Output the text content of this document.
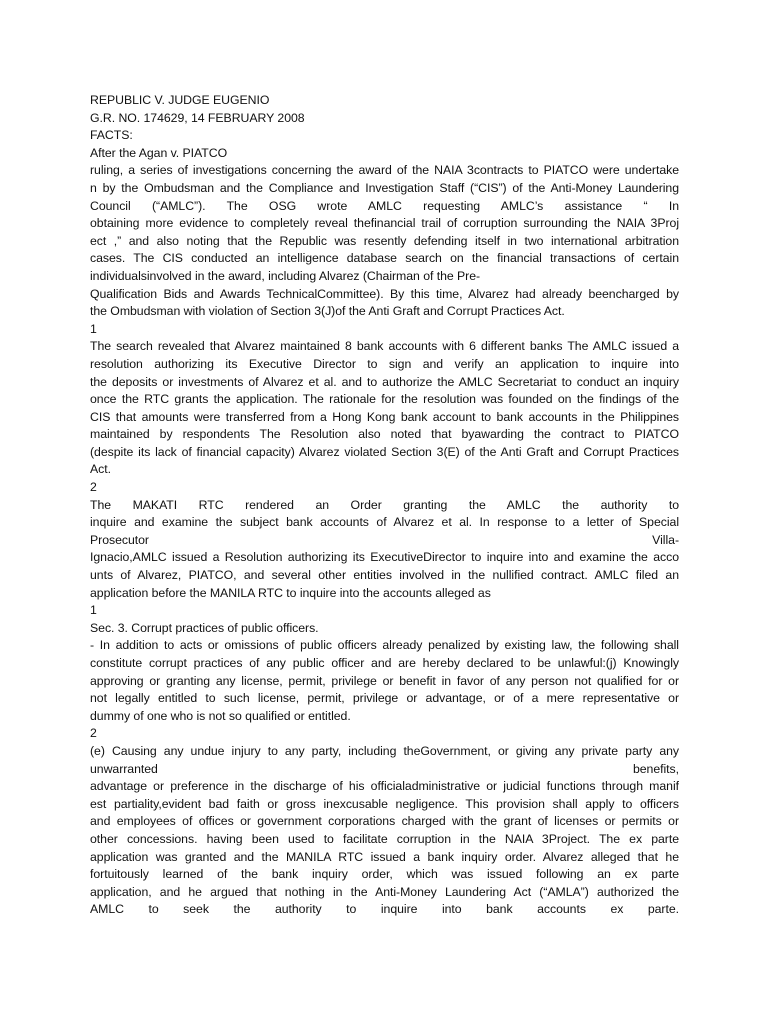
REPUBLIC V. JUDGE EUGENIO
G.R. NO. 174629, 14 FEBRUARY 2008
FACTS:
After the Agan v. PIATCO
ruling, a series of investigations concerning the award of the NAIA 3contracts to PIATCO were undertake
n by the Ombudsman and the Compliance and Investigation Staff (“CIS”) of the Anti-Money Laundering
Council (“AMLC”). The OSG wrote AMLC requesting AMLC’s assistance “ In
obtaining more evidence to completely reveal thefinancial trail of corruption surrounding the NAIA 3Proj
ect ,” and also noting that the Republic was resently defending itself in two international arbitration
cases. The CIS conducted an intelligence database search on the financial transactions of certain
individualsinvolved in the award, including Alvarez (Chairman of the Pre-
Qualification Bids and Awards TechnicalCommittee). By this time, Alvarez had already beencharged by
the Ombudsman with violation of Section 3(J)of the Anti Graft and Corrupt Practices Act.
1
The search revealed that Alvarez maintained 8 bank accounts with 6 different banks The AMLC issued a
resolution authorizing its Executive Director to sign and verify an application to inquire into
the deposits or investments of Alvarez et al. and to authorize the AMLC Secretariat to conduct an inquiry
once the RTC grants the application. The rationale for the resolution was founded on the findings of the
CIS that amounts were transferred from a Hong Kong bank account to bank accounts in the Philippines
maintained by respondents The Resolution also noted that byawarding the contract to PIATCO
(despite its lack of financial capacity) Alvarez violated Section 3(E) of the Anti Graft and Corrupt Practices
Act.
2
The MAKATI RTC rendered an Order granting the AMLC the authority to
inquire and examine the subject bank accounts of Alvarez et al. In response to a letter of Special
Prosecutor Villa-
Ignacio,AMLC issued a Resolution authorizing its ExecutiveDirector to inquire into and examine the acco
unts of Alvarez, PIATCO, and several other entities involved in the nullified contract. AMLC filed an
application before the MANILA RTC to inquire into the accounts alleged as
1
Sec. 3. Corrupt practices of public officers.
- In addition to acts or omissions of public officers already penalized by existing law, the following shall
constitute corrupt practices of any public officer and are hereby declared to be unlawful:(j) Knowingly
approving or granting any license, permit, privilege or benefit in favor of any person not qualified for or
not legally entitled to such license, permit, privilege or advantage, or of a mere representative or
dummy of one who is not so qualified or entitled.
2
(e) Causing any undue injury to any party, including theGovernment, or giving any private party any
unwarranted benefits,
advantage or preference in the discharge of his officialadministrative or judicial functions through manif
est partiality,evident bad faith or gross inexcusable negligence. This provision shall apply to officers
and employees of offices or government corporations charged with the grant of licenses or permits or
other concessions. having been used to facilitate corruption in the NAIA 3Project. The ex parte
application was granted and the MANILA RTC issued a bank inquiry order. Alvarez alleged that he
fortuitously learned of the bank inquiry order, which was issued following an ex parte
application, and he argued that nothing in the Anti-Money Laundering Act (“AMLA”) authorized the
AMLC to seek the authority to inquire into bank accounts ex parte.
